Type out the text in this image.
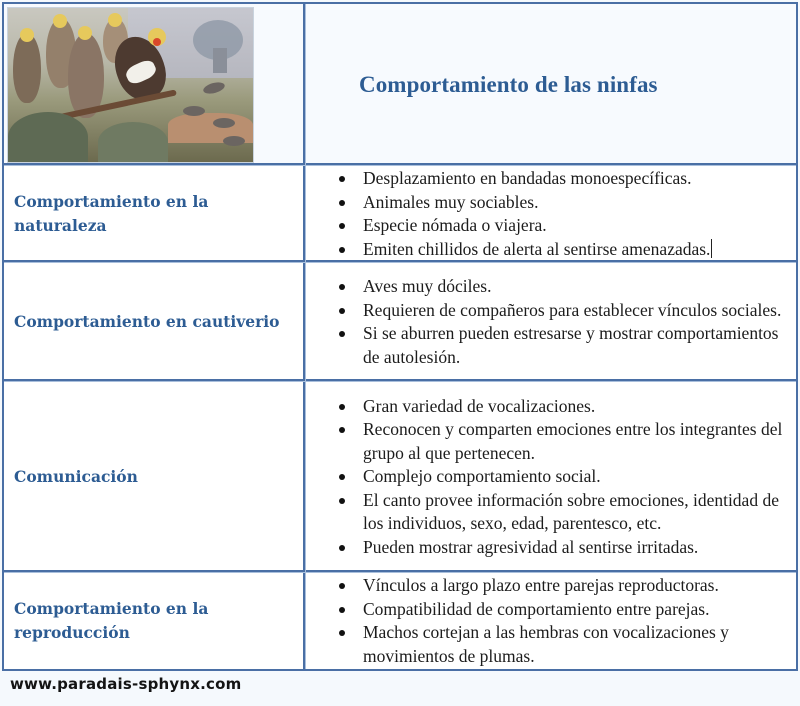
	Comportamiento de las ninfas

Comportamiento en la naturaleza	
Desplazamiento en bandadas monoespecíficas.
Animales muy sociables.
Especie nómada o viajera.
Emiten chillidos de alerta al sentirse amenazadas.

Comportamiento en cautiverio	
Aves muy dóciles.
Requieren de compañeros para establecer vínculos sociales.
Si se aburren pueden estresarse y mostrar comportamientos de autolesión.

Comunicación	
Gran variedad de vocalizaciones.
Reconocen y comparten emociones entre los integrantes del grupo al que pertenecen.
Complejo comportamiento social.
El canto provee información sobre emociones, identidad de los individuos, sexo, edad, parentesco, etc.
Pueden mostrar agresividad al sentirse irritadas.

Comportamiento en la reproducción	
Vínculos a largo plazo entre parejas reproductoras.
Compatibilidad de comportamiento entre parejas.
Machos cortejan a las hembras con vocalizaciones y movimientos de plumas.
www.paradais-sphynx.com
